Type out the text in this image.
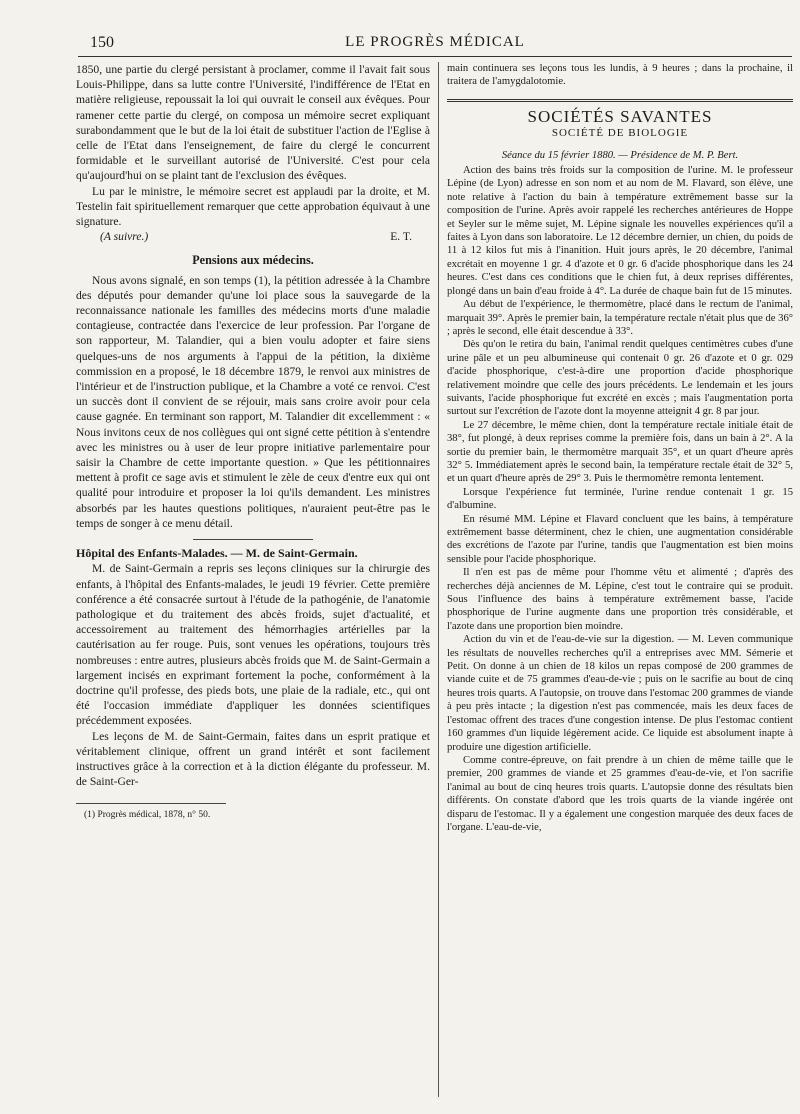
150	LE PROGRÈS MÉDICAL

1850, une partie du clergé persistant à proclamer, comme il l'avait fait sous Louis-Philippe, dans sa lutte contre l'Université, l'indifférence de l'Etat en matière religieuse, repoussait la loi qui ouvrait le conseil aux évêques. Pour ramener cette partie du clergé, on composa un mémoire secret expliquant surabondamment que le but de la loi était de substituer l'action de l'Eglise à celle de l'Etat dans l'enseignement, de faire du clergé le concurrent formidable et le surveillant autorisé de l'Université. C'est pour cela qu'aujourd'hui on se plaint tant de l'exclusion des évêques.

Lu par le ministre, le mémoire secret est applaudi par la droite, et M. Testelin fait spirituellement remarquer que cette approbation équivaut à une signature.

(A suivre.)	E. T.
Pensions aux médecins.

Nous avons signalé, en son temps (1), la pétition adressée à la Chambre des députés pour demander qu'une loi place sous la sauvegarde de la reconnaissance nationale les familles des médecins morts d'une maladie contagieuse, contractée dans l'exercice de leur profession. Par l'organe de son rapporteur, M. Talandier, qui a bien voulu adopter et faire siens quelques-uns de nos arguments à l'appui de la pétition, la dixième commission en a proposé, le 18 décembre 1879, le renvoi aux ministres de l'intérieur et de l'instruction publique, et la Chambre a voté ce renvoi. C'est un succès dont il convient de se réjouir, mais sans croire avoir pour cela cause gagnée. En terminant son rapport, M. Talandier dit excellemment : « Nous invitons ceux de nos collègues qui ont signé cette pétition à s'entendre avec les ministres ou à user de leur propre initiative parlementaire pour saisir la Chambre de cette importante question. » Que les pétitionnaires mettent à profit ce sage avis et stimulent le zèle de ceux d'entre eux qui ont qualité pour introduire et proposer la loi qu'ils demandent. Les ministres absorbés par les hautes questions politiques, n'auraient peut-être pas le temps de songer à ce menu détail.

Hôpital des Enfants-Malades. — M. de Saint-Germain.

M. de Saint-Germain a repris ses leçons cliniques sur la chirurgie des enfants, à l'hôpital des Enfants-malades, le jeudi 19 février. Cette première conférence a été consacrée surtout à l'étude de la pathogénie, de l'anatomie pathologique et du traitement des abcès froids, sujet d'actualité, et accessoirement au traitement des hémorrhagies artérielles par la cautérisation au fer rouge. Puis, sont venues les opérations, toujours très nombreuses : entre autres, plusieurs abcès froids que M. de Saint-Germain a largement incisés en exprimant fortement la poche, conformément à la doctrine qu'il professe, des pieds bots, une plaie de la radiale, etc., qui ont été l'occasion immédiate d'appliquer les données scientifiques précédemment exposées.

Les leçons de M. de Saint-Germain, faites dans un esprit pratique et véritablement clinique, offrent un grand intérêt et sont facilement instructives grâce à la correction et à la diction élégante du professeur. M. de Saint-Ger-

(1) Progrès médical, 1878, n° 50.

main continuera ses leçons tous les lundis, à 9 heures ; dans la prochaine, il traitera de l'amygdalotomie.

SOCIÉTÉS SAVANTES
SOCIÉTÉ DE BIOLOGIE
Séance du 15 février 1880. — Présidence de M. P. Bert.

Action des bains très froids sur la composition de l'urine. M. le professeur Lépine (de Lyon) adresse en son nom et au nom de M. Flavard, son élève, une note relative à l'action du bain à température extrêmement basse sur la composition de l'urine. Après avoir rappelé les recherches antérieures de Hoppe et Seyler sur le même sujet, M. Lépine signale les nouvelles expériences qu'il a faites à Lyon dans son laboratoire. Le 12 décembre dernier, un chien, du poids de 11 à 12 kilos fut mis à l'inanition. Huit jours après, le 20 décembre, l'animal excrétait en moyenne 1 gr. 4 d'azote et 0 gr. 6 d'acide phosphorique dans les 24 heures. C'est dans ces conditions que le chien fut, à deux reprises différentes, plongé dans un bain d'eau froide à 4°. La durée de chaque bain fut de 15 minutes.

Au début de l'expérience, le thermomètre, placé dans le rectum de l'animal, marquait 39°. Après le premier bain, la température rectale n'était plus que de 36° ; après le second, elle était descendue à 33°.

Dès qu'on le retira du bain, l'animal rendit quelques centimètres cubes d'une urine pâle et un peu albumineuse qui contenait 0 gr. 26 d'azote et 0 gr. 029 d'acide phosphorique, c'est-à-dire une proportion d'acide phosphorique relativement moindre que celle des jours précédents. Le lendemain et les jours suivants, l'acide phosphorique fut excrété en excès ; mais l'augmentation porta surtout sur l'excrétion de l'azote dont la moyenne atteignit 4 gr. 8 par jour.

Le 27 décembre, le même chien, dont la température rectale initiale était de 38°, fut plongé, à deux reprises comme la première fois, dans un bain à 2°. A la sortie du premier bain, le thermomètre marquait 35°, et un quart d'heure après 32° 5. Immédiatement après le second bain, la température rectale était de 32° 5, et un quart d'heure après de 29° 3. Puis le thermomètre remonta lentement.

Lorsque l'expérience fut terminée, l'urine rendue contenait 1 gr. 15 d'albumine.

En résumé MM. Lépine et Flavard concluent que les bains, à température extrêmement basse déterminent, chez le chien, une augmentation considérable des excrétions de l'azote par l'urine, tandis que l'augmentation est bien moins sensible pour l'acide phosphorique.

Il n'en est pas de même pour l'homme vêtu et alimenté ; d'après des recherches déjà anciennes de M. Lépine, c'est tout le contraire qui se produit. Sous l'influence des bains à température extrêmement basse, l'acide phosphorique de l'urine augmente dans une proportion très considérable, et l'azote dans une proportion bien moindre.

Action du vin et de l'eau-de-vie sur la digestion. — M. Leven communique les résultats de nouvelles recherches qu'il a entreprises avec MM. Sémerie et Petit. On donne à un chien de 18 kilos un repas composé de 200 grammes de viande cuite et de 75 grammes d'eau-de-vie ; puis on le sacrifie au bout de cinq heures trois quarts. A l'autopsie, on trouve dans l'estomac 200 grammes de viande à peu près intacte ; la digestion n'est pas commencée, mais les deux faces de l'estomac offrent des traces d'une congestion intense. De plus l'estomac contient 160 grammes d'un liquide légèrement acide. Ce liquide est absolument inapte à produire une digestion artificielle.

Comme contre-épreuve, on fait prendre à un chien de même taille que le premier, 200 grammes de viande et 25 grammes d'eau-de-vie, et l'on sacrifie l'animal au bout de cinq heures trois quarts. L'autopsie donne des résultats bien différents. On constate d'abord que les trois quarts de la viande ingérée ont disparu de l'estomac. Il y a également une congestion marquée des deux faces de l'organe. L'eau-de-vie,
